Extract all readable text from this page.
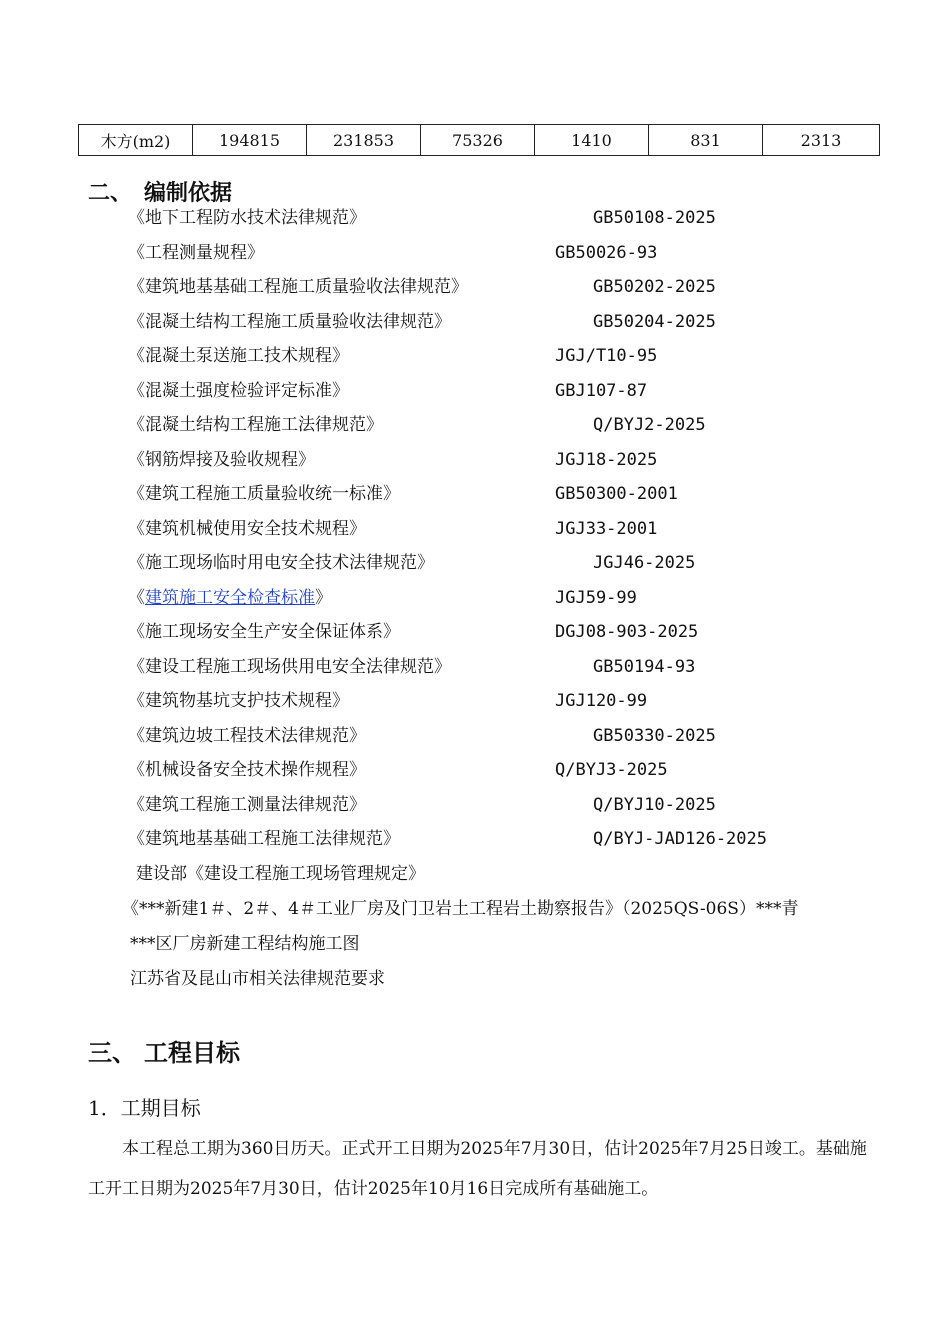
木方(m2)	194815	231853	75326	1410	831	2313
二、 编制依据
《地下工程防水技术法律规范》	GB50108-2025
《工程测量规程》	GB50026-93
《建筑地基基础工程施工质量验收法律规范》	GB50202-2025
《混凝土结构工程施工质量验收法律规范》	GB50204-2025
《混凝土泵送施工技术规程》	JGJ/T10-95
《混凝土强度检验评定标准》	GBJ107-87
《混凝土结构工程施工法律规范》	Q/BYJ2-2025
《钢筋焊接及验收规程》	JGJ18-2025
《建筑工程施工质量验收统一标准》	GB50300-2001
《建筑机械使用安全技术规程》	JGJ33-2001
《施工现场临时用电安全技术法律规范》	JGJ46-2025
《建筑施工安全检查标准》	JGJ59-99
《施工现场安全生产安全保证体系》	DGJ08-903-2025
《建设工程施工现场供用电安全法律规范》	GB50194-93
《建筑物基坑支护技术规程》	JGJ120-99
《建筑边坡工程技术法律规范》	GB50330-2025
《机械设备安全技术操作规程》	Q/BYJ3-2025
《建筑工程施工测量法律规范》	Q/BYJ10-2025
《建筑地基基础工程施工法律规范》	Q/BYJ-JAD126-2025
建设部《建设工程施工现场管理规定》
《***新建1＃、2＃、4＃工业厂房及门卫岩土工程岩土勘察报告》（2025QS-06S）***青
***区厂房新建工程结构施工图
江苏省及昆山市相关法律规范要求
三、 工程目标
1．工期目标
本工程总工期为360日历天。正式开工日期为2025年7月30日，估计2025年7月25日竣工。基础施工开工日期为2025年7月30日，估计2025年10月16日完成所有基础施工。
